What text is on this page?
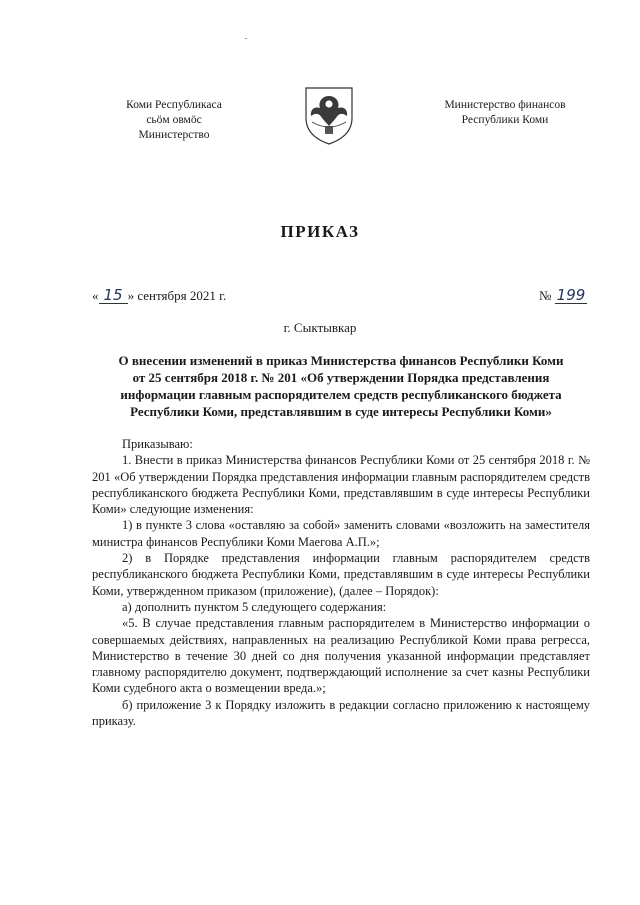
Коми Республикаса
сьӧм овмӧс
Министерство
Министерство финансов
Республики Коми
ПРИКАЗ
« 15 » сентября 2021 г.	№ 199
г. Сыктывкар
О внесении изменений в приказ Министерства финансов Республики Коми
от 25 сентября 2018 г. № 201 «Об утверждении Порядка представления
информации главным распорядителем средств республиканского бюджета
Республики Коми, представлявшим в суде интересы Республики Коми»

Приказываю:

1. Внести в приказ Министерства финансов Республики Коми от 25 сентября 2018 г. № 201 «Об утверждении Порядка представления информации главным распорядителем средств республиканского бюджета Республики Коми, представлявшим в суде интересы Республики Коми» следующие изменения:

1) в пункте 3 слова «оставляю за собой» заменить словами «возложить на заместителя министра финансов Республики Коми Маегова А.П.»;

2) в Порядке представления информации главным распорядителем средств республиканского бюджета Республики Коми, представлявшим в суде интересы Республики Коми, утвержденном приказом (приложение), (далее – Порядок):

а) дополнить пунктом 5 следующего содержания:

«5. В случае представления главным распорядителем в Министерство информации о совершаемых действиях, направленных на реализацию Республикой Коми права регресса, Министерство в течение 30 дней со дня получения указанной информации представляет главному распорядителю документ, подтверждающий исполнение за счет казны Республики Коми судебного акта о возмещении вреда.»;

б) приложение 3 к Порядку изложить в редакции согласно приложению к настоящему приказу.
